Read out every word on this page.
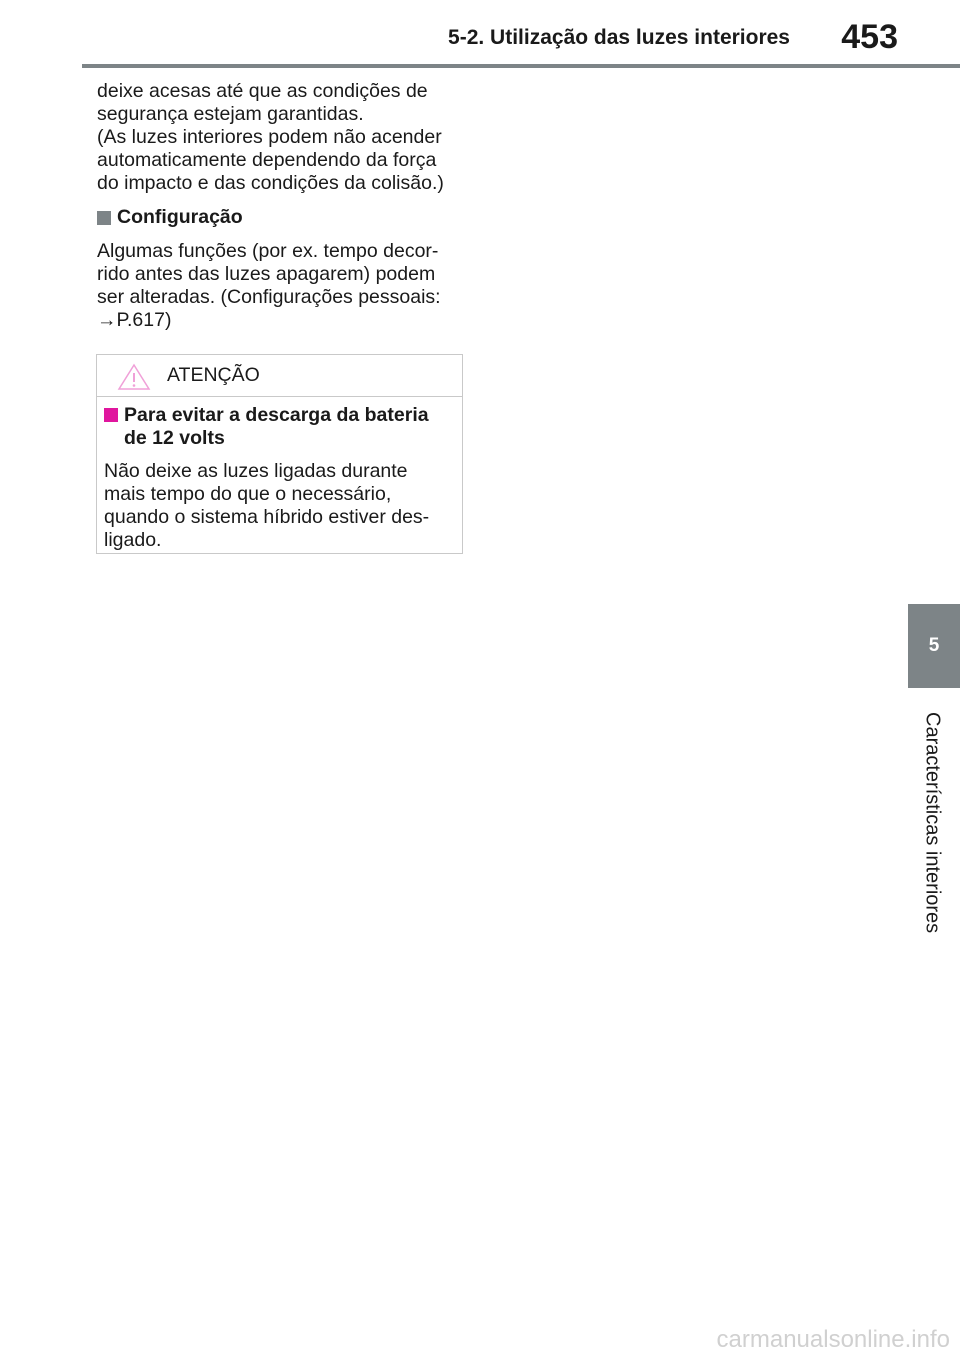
5-2. Utilização das luzes interiores 453

deixe acesas até que as condições de

segurança estejam garantidas.

(As luzes interiores podem não acender

automaticamente dependendo da força

do impacto e das condições da colisão.)

Configuração

Algumas funções (por ex. tempo decor-

rido antes das luzes apagarem) podem

ser alteradas. (Configurações pessoais:

→P.617)

ATENÇÃO
Para evitar a descarga da bateria
de 12 volts

Não deixe as luzes ligadas durante

mais tempo do que o necessário,

quando o sistema híbrido estiver des-

ligado.

5
Características interiores
carmanualsonline.info
